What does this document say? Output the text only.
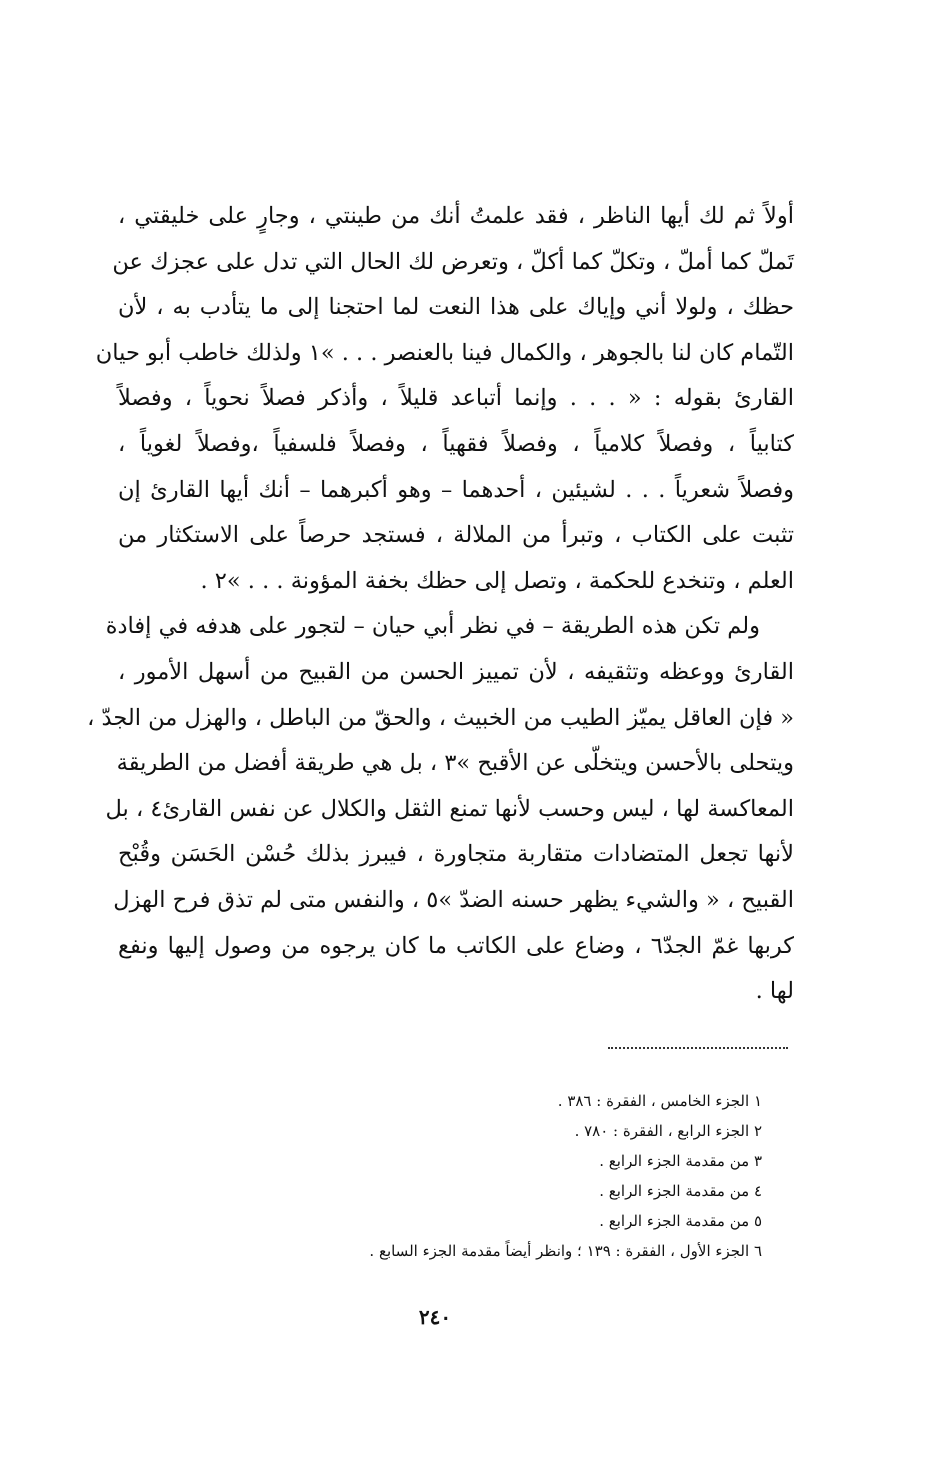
أولاً ثم لك أيها الناظر ، فقد علمتُ أنك من طينتي ، وجارٍ على خليقتي ،

تَملّ كما أملّ ، وتكلّ كما أكلّ ، وتعرض لك الحال التي تدل على عجزك عن

حظك ، ولولا أني وإياك على هذا النعت لما احتجنا إلى ما يتأدب به ، لأن

التّمام كان لنا بالجوهر ، والكمال فينا بالعنصر . . . »١ ولذلك خاطب أبو حيان

القارئ بقوله : « . . . وإنما أتباعد قليلاً ، وأذكر فصلاً نحوياً ، وفصلاً

كتابياً ، وفصلاً كلامياً ، وفصلاً فقهياً ، وفصلاً فلسفياً ،وفصلاً لغوياً ،

وفصلاً شعرياً . . . لشيئين ، أحدهما – وهو أكبرهما – أنك أيها القارئ إن

تثبت على الكتاب ، وتبرأ من الملالة ، فستجد حرصاً على الاستكثار من

العلم ، وتنخدع للحكمة ، وتصل إلى حظك بخفة المؤونة . . . »٢ .

ولم تكن هذه الطريقة – في نظر أبي حيان – لتجور على هدفه في إفادة

القارئ ووعظه وتثقيفه ، لأن تمييز الحسن من القبيح من أسهل الأمور ،

« فإن العاقل يميّز الطيب من الخبيث ، والحقّ من الباطل ، والهزل من الجدّ ،

ويتحلى بالأحسن ويتخلّى عن الأقبح »٣ ، بل هي طريقة أفضل من الطريقة

المعاكسة لها ، ليس وحسب لأنها تمنع الثقل والكلال عن نفس القارئ٤ ، بل

لأنها تجعل المتضادات متقاربة متجاورة ، فيبرز بذلك حُسْن الحَسَن وقُبْح

القبيح ، « والشيء يظهر حسنه الضدّ »٥ ، والنفس متى لم تذق فرح الهزل

كربها غمّ الجدّ٦ ، وضاع على الكاتب ما كان يرجوه من وصول إليها ونفع

لها .

١ الجزء الخامس ، الفقرة : ٣٨٦ .

٢ الجزء الرابع ، الفقرة : ٧٨٠ .

٣ من مقدمة الجزء الرابع .

٤ من مقدمة الجزء الرابع .

٥ من مقدمة الجزء الرابع .

٦ الجزء الأول ، الفقرة : ١٣٩ ؛ وانظر أيضاً مقدمة الجزء السابع .

٢٤٠
